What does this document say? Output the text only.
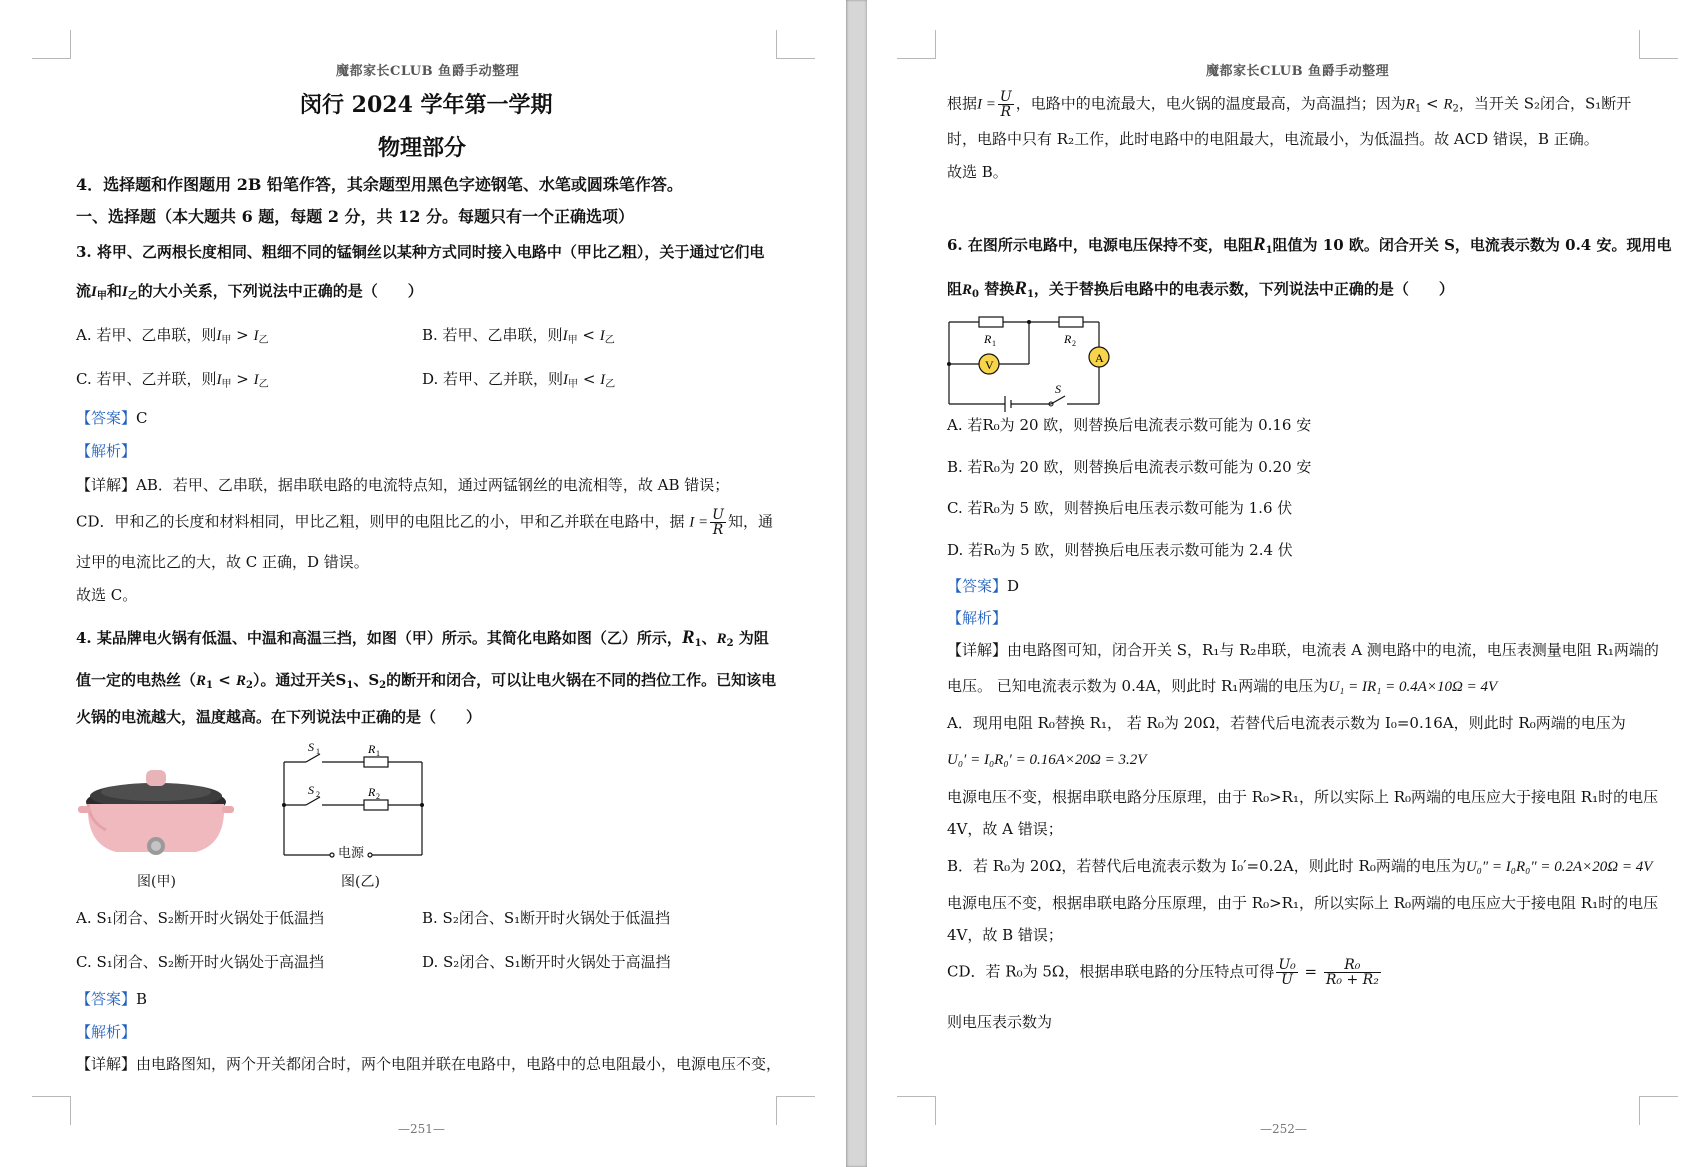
魔都家长CLUB 鱼爵手动整理
闵行 2024 学年第一学期
物理部分
4．选择题和作图题用 2B 铅笔作答，其余题型用黑色字迹钢笔、水笔或圆珠笔作答。
一、选择题（本大题共 6 题，每题 2 分，共 12 分。每题只有一个正确选项）
3. 将甲、乙两根长度相同、粗细不同的锰铜丝以某种方式同时接入电路中（甲比乙粗），关于通过它们电
流$I_甲$和$I_乙$的大小关系，下列说法中正确的是（　　）
A. 若甲、乙串联，则$I_甲 > I_乙$	B. 若甲、乙串联，则$I_甲 < I_乙$
C. 若甲、乙并联，则$I_甲 > I_乙$	D. 若甲、乙并联，则$I_甲 < I_乙$
【答案】C
【解析】
【详解】AB．若甲、乙串联，据串联电路的电流特点知，通过两锰钢丝的电流相等，故 AB 错误；
CD．甲和乙的长度和材料相同，甲比乙粗，则甲的电阻比乙的小，甲和乙并联在电路中，据 $I = \frac{U}{R}$ 知，通
过甲的电流比乙的大，故 C 正确，D 错误。
故选 C。
4. 某品牌电火锅有低温、中温和高温三挡，如图（甲）所示。其简化电路如图（乙）所示，$R_1$、$R_2$ 为阻
值一定的电热丝$(R_1 < R_2)$。通过开关$S_1$、$S_2$的断开和闭合，可以让电火锅在不同的挡位工作。已知该电
火锅的电流越大，温度越高。在下列说法中正确的是（　　）
图(甲)
S 1	R 1
S 2	R 2
电源
图(乙)
A. S₁闭合、S₂断开时火锅处于低温挡	B. S₂闭合、S₁断开时火锅处于低温挡
C. S₁闭合、S₂断开时火锅处于高温挡	D. S₂闭合、S₁断开时火锅处于高温挡
【答案】B
【解析】
【详解】由电路图知，两个开关都闭合时，两个电阻并联在电路中，电路中的总电阻最小，电源电压不变，
—251—
魔都家长CLUB 鱼爵手动整理
根据$I = \frac{U}{R}$ ，电路中的电流最大，电火锅的温度最高，为高温挡；因为$R_1 < R_2$，当开关 S₂闭合，S₁断开
时，电路中只有 R₂工作，此时电路中的电阻最大，电流最小，为低温挡。故 ACD 错误，B 正确。
故选 B。
6. 在图所示电路中，电源电压保持不变，电阻$R_1$阻值为 10 欧。闭合开关 S，电流表示数为 0.4 安。现用电
阻$R_0$ 替换$R_1$，关于替换后电路中的电表示数，下列说法中正确的是（　　）
R 1	R 2
A
V
S
A. 若R₀为 20 欧，则替换后电流表示数可能为 0.16 安
B. 若R₀为 20 欧，则替换后电流表示数可能为 0.20 安
C. 若R₀为 5 欧，则替换后电压表示数可能为 1.6 伏
D. 若R₀为 5 欧，则替换后电压表示数可能为 2.4 伏
【答案】D
【解析】
【详解】由电路图可知，闭合开关 S，R₁与 R₂串联，电流表 A 测电路中的电流，电压表测量电阻 R₁两端的
电压。 已知电流表示数为 0.4A，则此时 R₁两端的电压为U₁ = IR₁ = 0.4A×10Ω = 4V
A．现用电阻 R₀替换 R₁， 若 R₀为 20Ω，若替代后电流表示数为 I₀=0.16A，则此时 R₀两端的电压为
U₀′ = I₀R₀′ = 0.16A×20Ω = 3.2V
电源电压不变，根据串联电路分压原理，由于 R₀>R₁，所以实际上 R₀两端的电压应大于接电阻 R₁时的电压
4V，故 A 错误；
B．若 R₀为 20Ω，若替代后电流表示数为 I₀′=0.2A，则此时 R₀两端的电压为U₀″ = I₀R₀″ = 0.2A×20Ω = 4V
电源电压不变，根据串联电路分压原理，由于 R₀>R₁，所以实际上 R₀两端的电压应大于接电阻 R₁时的电压
4V，故 B 错误；
CD．若 R₀为 5Ω，根据串联电路的分压特点可得 $\frac{\text{U₀}}{U} = \frac{\text{R₀}}{\text{R₀ + R₂}}$
则电压表示数为
—252—
